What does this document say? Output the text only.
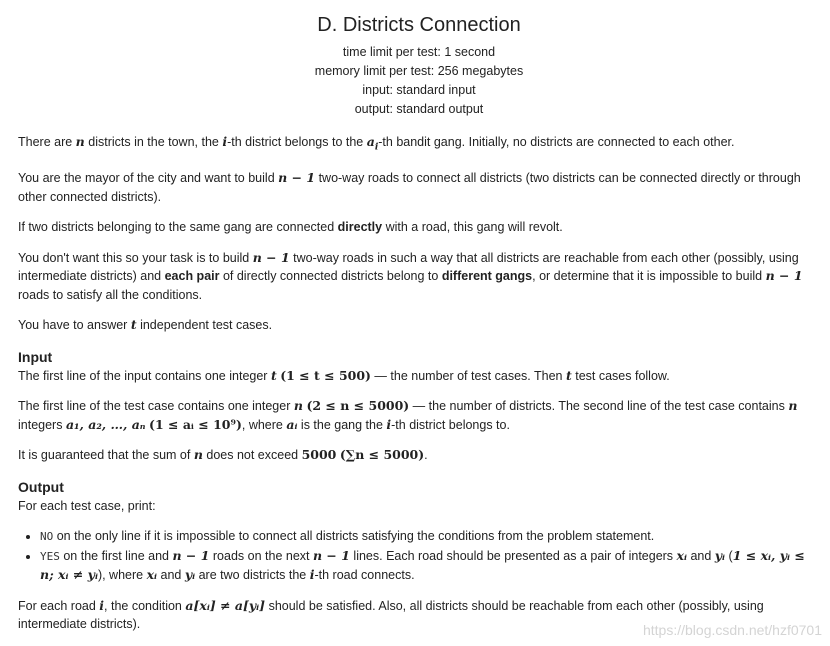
D. Districts Connection
time limit per test: 1 second
memory limit per test: 256 megabytes
input: standard input
output: standard output

There are n districts in the town, the i-th district belongs to the $a_i-th$ bandit gang. Initially, no districts are connected to each other.

You are the mayor of the city and want to build n − 1 two-way roads to connect all districts (two districts can be connected directly or through other connected districts).

If two districts belonging to the same gang are connected directly with a road, this gang will revolt.

You don't want this so your task is to build n − 1 two-way roads in such a way that all districts are reachable from each other (possibly, using intermediate districts) and each pair of directly connected districts belong to different gangs, or determine that it is impossible to build n − 1 roads to satisfy all the conditions.

You have to answer t independent test cases.

Input

The first line of the input contains one integer t (1 ≤ t ≤ 500) — the number of test cases. Then t test cases follow.

The first line of the test case contains one integer n (2 ≤ n ≤ 5000) — the number of districts. The second line of the test case contains n integers a₁, a₂, …, aₙ (1 ≤ aᵢ ≤ 10⁹), where aᵢ is the gang the i-th district belongs to.

It is guaranteed that the sum of n does not exceed 5000 (∑n ≤ 5000).

Output

For each test case, print:

• NO on the only line if it is impossible to connect all districts satisfying the conditions from the problem statement.
• YES on the first line and n − 1 roads on the next n − 1 lines. Each road should be presented as a pair of integers xᵢ and yᵢ (1 ≤ xᵢ, yᵢ ≤ n; xᵢ ≠ yᵢ), where xᵢ and yᵢ are two districts the i-th road connects.

For each road i, the condition a[xᵢ] ≠ a[yᵢ] should be satisfied. Also, all districts should be reachable from each other (possibly, using intermediate districts).	https://blog.csdn.net/hzf0701
